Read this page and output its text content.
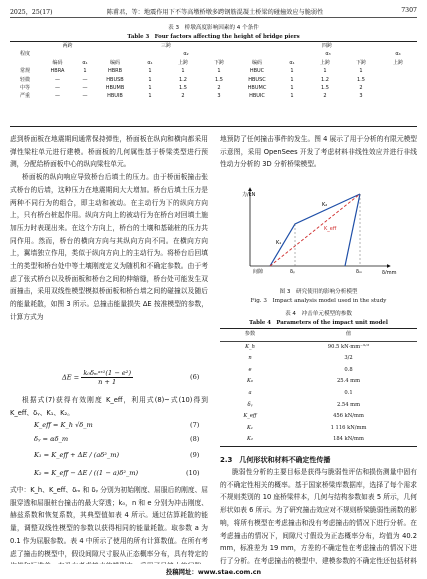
2025，25(17)	陈甫君，等：地震作用下不等高墩桥墩多跨钢筋混凝土桥梁的碰撞效应与脆弱性	7307
表 3　桥墩高度影响因素的 4 个条件
Table 3　Four factors affecting the height of bridge piers
程度	两跨		三跨				四跨				
				α₂				α₃			α₄
	编码	α₁	编码	α₁	上跨	下跨	编码	α₁	上跨	下跨	上跨
常规	HBRA	1	HBRB	1	1	1	HBUC	1	1	1	
轻微	—	—	HBUSB	1	1.2	1.5	HBUSC	1	1.2	1.5	
中等	—	—	HBUMB	1	1.5	2	HBUMC	1	1.5	2	
严重	—	—	HBUIB	1	2	3	HBUIC	1	2	3	

虑到桥面板在地震期间通常保持弹性，桥面板在纵向和横向都采用弹性梁柱单元进行建模。桥面板的几何属性基于桥梁类型进行预测，分配给桥面板中心的纵向梁柱单元。

桥面板的纵向响应导致桥台后填土的压力。由于桥面板撞击张式桥台的后墙，这种压力在地震期间大大增加。桥台后填土压力是两种不同行为的组合，即主动和被动。在主动行为下的纵向方向上，只有桥台桩起作用。纵向方向上的被动行为在桥台对回填土施加压力时表现出来。在这个方向上，桥台的土壤和基础桩的压力共同作用。然而，桥台的横向方向与其纵向方向不同。在横向方向上，翼墙独立作用，类似于纵向方向上的主动行为。将桥台后回填土的类型和桥台处中等土壤刚度定义为随机和不确定参数。由于考虑了张式桥台以及桥面板和桥台之间的伸缩缝，桥台处可能发生双面撞击，采用双线性模型模拟桥面板和桥台墙之间的碰撞以及随后的能量耗散，如图 3 所示。总撞击能量损失 ΔE 按准模型的参数，计算方式为

$\Delta E = \frac{\text{k₀δₘᵃˣ¹(1 − e²)}}{n + 1}$	(6)

根据式(7)获得有效刚度 K_eff，利用式(8)~式(10)得到 K_eff、δᵧ、K₁、K₂。

K_eff = K_h √δ_m	(7)
δᵧ = αδ_m	(8)
K₁ = K_eff + ΔE / (aδ²_m)	(9)
K₂ = K_eff − ΔE / ((1 − a)δ²_m)	(10)

式中：K_h、K_eff、δₘ 和 δᵧ 分别为初始刚度、屈服后的刚度、屈服穿透和屈服桩台撞击的最大穿透；k₀，n 和 e 分别为冲击刚度、赫兹系数和恢复系数，其典型值如表 4 所示。通过估算耗散的能量，调整双线性模型的参数以获得相同的能量耗散。取参数 a 为 0.1 作为屈服参数。表 4 中所示了使用的所有计算数值。在所有考虑了撞击的模型中，假设间隙尺寸服从正态概率分布，具有特定的

地预防了任何撞击事件的发生。图 4 展示了用于分析的有限元模型示意图，采用 OpenSees 开发了考虑材料非线性效应并进行非线性动力分析的 3D 分析桥梁模型。

力/kN
δ/mm
K₁
K₂
K_eff
δᵧ	δₘ
间隙
图 3　研究使用的影响分析模型
Fig. 3　Impact analysis model used in the study
表 4　冲击单元模型的参数
Table 4　Parameters of the impact unit model
参数	值
K_h	90.5 kN·mm⁻³ᐟ²
n	3/2
e	0.8
K₀	25.4 mm
a	0.1
δᵧ	2.54 mm
K_eff	456 kN/mm
K₁	1 116 kN/mm
K₂	184 kN/mm
2.3　几何形状和材料不确定性传播

脆弱性分析的主要目标是获得与脆弱性评估和损伤测量中固有的不确定性相关的概率。基于国家桥梁库数据库，选择了每个需求不规则类别的 10 座桥梁样本，几何与结构参数如表 5 所示，几何形状如表 6 所示。为了研究撞击效应对不规则桥梁脆弱性函数的影响，将所有模型在考虑撞击和没有考虑撞击的情况下进行分析。在考虑撞击的情况下，间隙尺寸假设为正态概率分布，均值为 40.2 mm，标准差为 19 mm，方差的不确定性在考虑撞击的情况下进行了分析。在考虑撞击的模型中，建模参数的不确定性还包括材料

投稿网址：www.stae.com.cn
